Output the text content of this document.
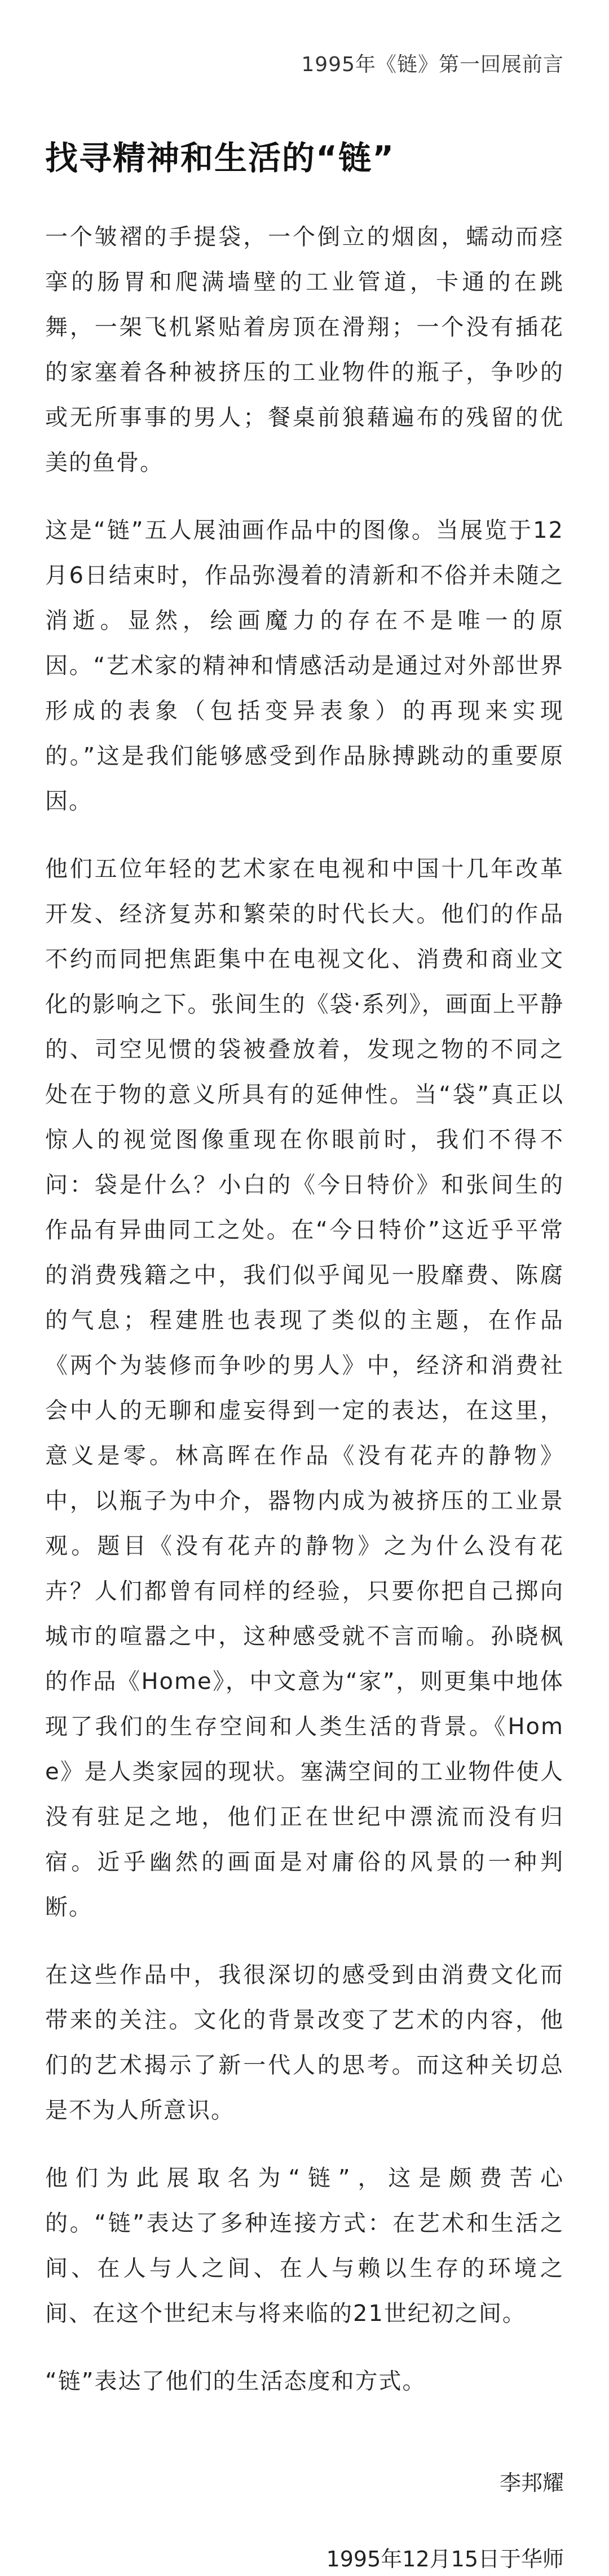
1995年《链》第一回展前言

找寻精神和生活的“链”

一个皱褶的手提袋，一个倒立的烟囱，蠕动而痉挛的肠胃和爬满墙壁的工业管道，卡通的在跳舞，一架飞机紧贴着房顶在滑翔；一个没有插花的家塞着各种被挤压的工业物件的瓶子，争吵的或无所事事的男人；餐桌前狼藉遍布的残留的优美的鱼骨。

这是“链”五人展油画作品中的图像。当展览于12月6日结束时，作品弥漫着的清新和不俗并未随之消逝。显然，绘画魔力的存在不是唯一的原因。“艺术家的精神和情感活动是通过对外部世界形成的表象（包括变异表象）的再现来实现的。”这是我们能够感受到作品脉搏跳动的重要原因。

他们五位年轻的艺术家在电视和中国十几年改革开发、经济复苏和繁荣的时代长大。他们的作品不约而同把焦距集中在电视文化、消费和商业文化的影响之下。张间生的《袋·系列》，画面上平静的、司空见惯的袋被叠放着，发现之物的不同之处在于物的意义所具有的延伸性。当“袋”真正以惊人的视觉图像重现在你眼前时，我们不得不问：袋是什么？小白的《今日特价》和张间生的作品有异曲同工之处。在“今日特价”这近乎平常的消费残籍之中，我们似乎闻见一股靡费、陈腐的气息；程建胜也表现了类似的主题，在作品《两个为装修而争吵的男人》中，经济和消费社会中人的无聊和虚妄得到一定的表达，在这里，意义是零。林高晖在作品《没有花卉的静物》中，以瓶子为中介，器物内成为被挤压的工业景观。题目《没有花卉的静物》之为什么没有花卉？人们都曾有同样的经验，只要你把自己掷向城市的喧嚣之中，这种感受就不言而喻。孙晓枫的作品《Home》，中文意为“家”，则更集中地体现了我们的生存空间和人类生活的背景。《Home》是人类家园的现状。塞满空间的工业物件使人没有驻足之地，他们正在世纪中漂流而没有归宿。近乎幽然的画面是对庸俗的风景的一种判断。

在这些作品中，我很深切的感受到由消费文化而带来的关注。文化的背景改变了艺术的内容，他们的艺术揭示了新一代人的思考。而这种关切总是不为人所意识。

他们为此展取名为“链”，这是颇费苦心的。“链”表达了多种连接方式：在艺术和生活之间、在人与人之间、在人与赖以生存的环境之间、在这个世纪末与将来临的21世纪初之间。

“链”表达了他们的生活态度和方式。

李邦耀

1995年12月15日于华师
